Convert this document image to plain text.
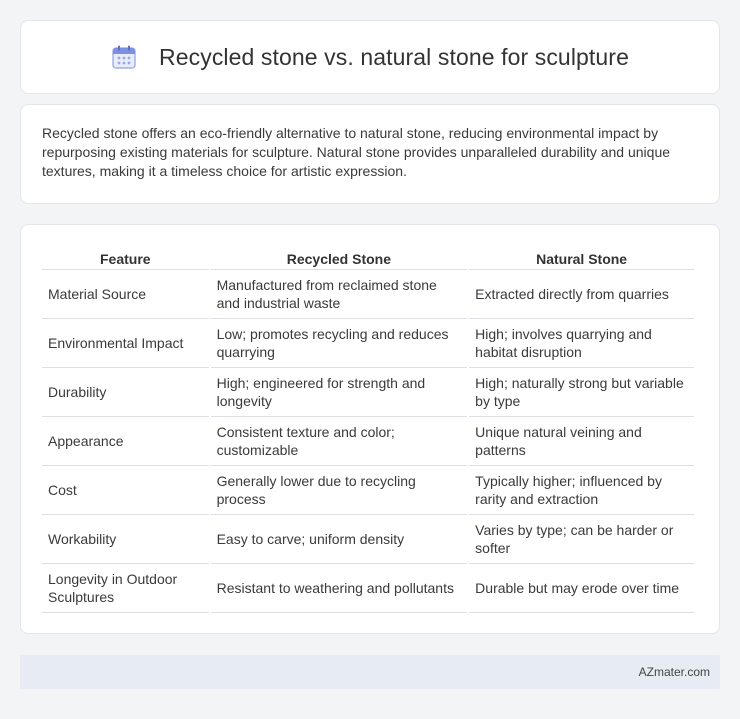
Recycled stone vs. natural stone for sculpture

Recycled stone offers an eco-friendly alternative to natural stone, reducing environmental impact by repurposing existing materials for sculpture. Natural stone provides unparalleled durability and unique textures, making it a timeless choice for artistic expression.

Feature	Recycled Stone	Natural Stone
Material Source	Manufactured from reclaimed stone and industrial waste	Extracted directly from quarries
Environmental Impact	Low; promotes recycling and reduces quarrying	High; involves quarrying and habitat disruption
Durability	High; engineered for strength and longevity	High; naturally strong but variable by type
Appearance	Consistent texture and color; customizable	Unique natural veining and patterns
Cost	Generally lower due to recycling process	Typically higher; influenced by rarity and extraction
Workability	Easy to carve; uniform density	Varies by type; can be harder or softer
Longevity in Outdoor Sculptures	Resistant to weathering and pollutants	Durable but may erode over time
AZmater.com
